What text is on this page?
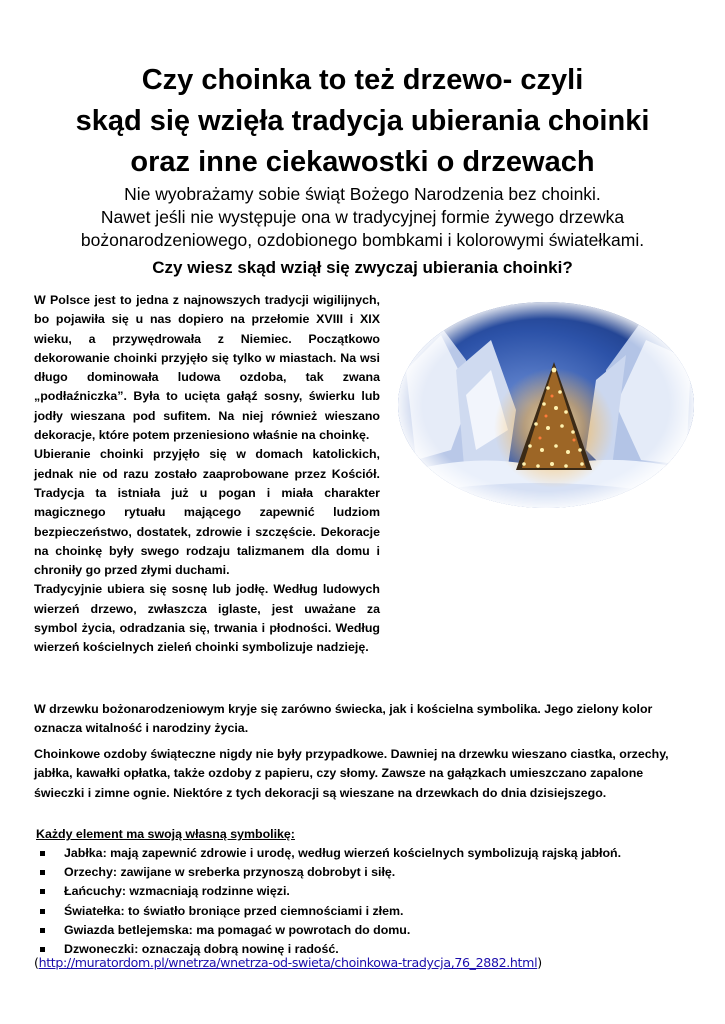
Czy choinka to też drzewo- czyli
skąd się wzięła tradycja ubierania choinki
oraz inne ciekawostki o drzewach
Nie wyobrażamy sobie świąt Bożego Narodzenia bez choinki.
Nawet jeśli nie występuje ona w tradycyjnej formie żywego drzewka
bożonarodzeniowego, ozdobionego bombkami i kolorowymi światełkami.
Czy wiesz skąd wziął się zwyczaj ubierania choinki?

W Polsce jest to jedna z najnowszych tradycji wigilijnych, bo pojawiła się u nas dopiero na przełomie XVIII i XIX wieku, a przywędrowała z Niemiec. Początkowo dekorowanie choinki przyjęło się tylko w miastach. Na wsi długo dominowała ludowa ozdoba, tak zwana „podłaźniczka”. Była to ucięta gałąź sosny, świerku lub jodły wieszana pod sufitem. Na niej również wieszano dekoracje, które potem przeniesiono właśnie na choinkę.

Ubieranie choinki przyjęło się w domach katolickich, jednak nie od razu zostało zaaprobowane przez Kościół. Tradycja ta istniała już u pogan i miała charakter magicznego rytuału mającego zapewnić ludziom bezpieczeństwo, dostatek, zdrowie i szczęście. Dekoracje na choinkę były swego rodzaju talizmanem dla domu i chroniły go przed złymi duchami.

Tradycyjnie ubiera się sosnę lub jodłę. Według ludowych wierzeń drzewo, zwłaszcza iglaste, jest uważane za symbol życia, odradzania się, trwania i płodności. Według wierzeń kościelnych zieleń choinki symbolizuje nadzieję.

W drzewku bożonarodzeniowym kryje się zarówno świecka, jak i kościelna symbolika. Jego zielony kolor oznacza witalność i narodziny życia.

Choinkowe ozdoby świąteczne nigdy nie były przypadkowe. Dawniej na drzewku wieszano ciastka, orzechy, jabłka, kawałki opłatka, także ozdoby z papieru, czy słomy. Zawsze na gałązkach umieszczano zapalone świeczki i zimne ognie. Niektóre z tych dekoracji są wieszane na drzewkach do dnia dzisiejszego.

Każdy element ma swoją własną symbolikę:
Jabłka: mają zapewnić zdrowie i urodę, według wierzeń kościelnych symbolizują rajską jabłoń.
Orzechy: zawijane w sreberka przynoszą dobrobyt i siłę.
Łańcuchy: wzmacniają rodzinne więzi.
Światełka: to światło broniące przed ciemnościami i złem.
Gwiazda betlejemska: ma pomagać w powrotach do domu.
Dzwoneczki: oznaczają dobrą nowinę i radość.
(http://muratordom.pl/wnetrza/wnetrza-od-swieta/choinkowa-tradycja,76_2882.html)
